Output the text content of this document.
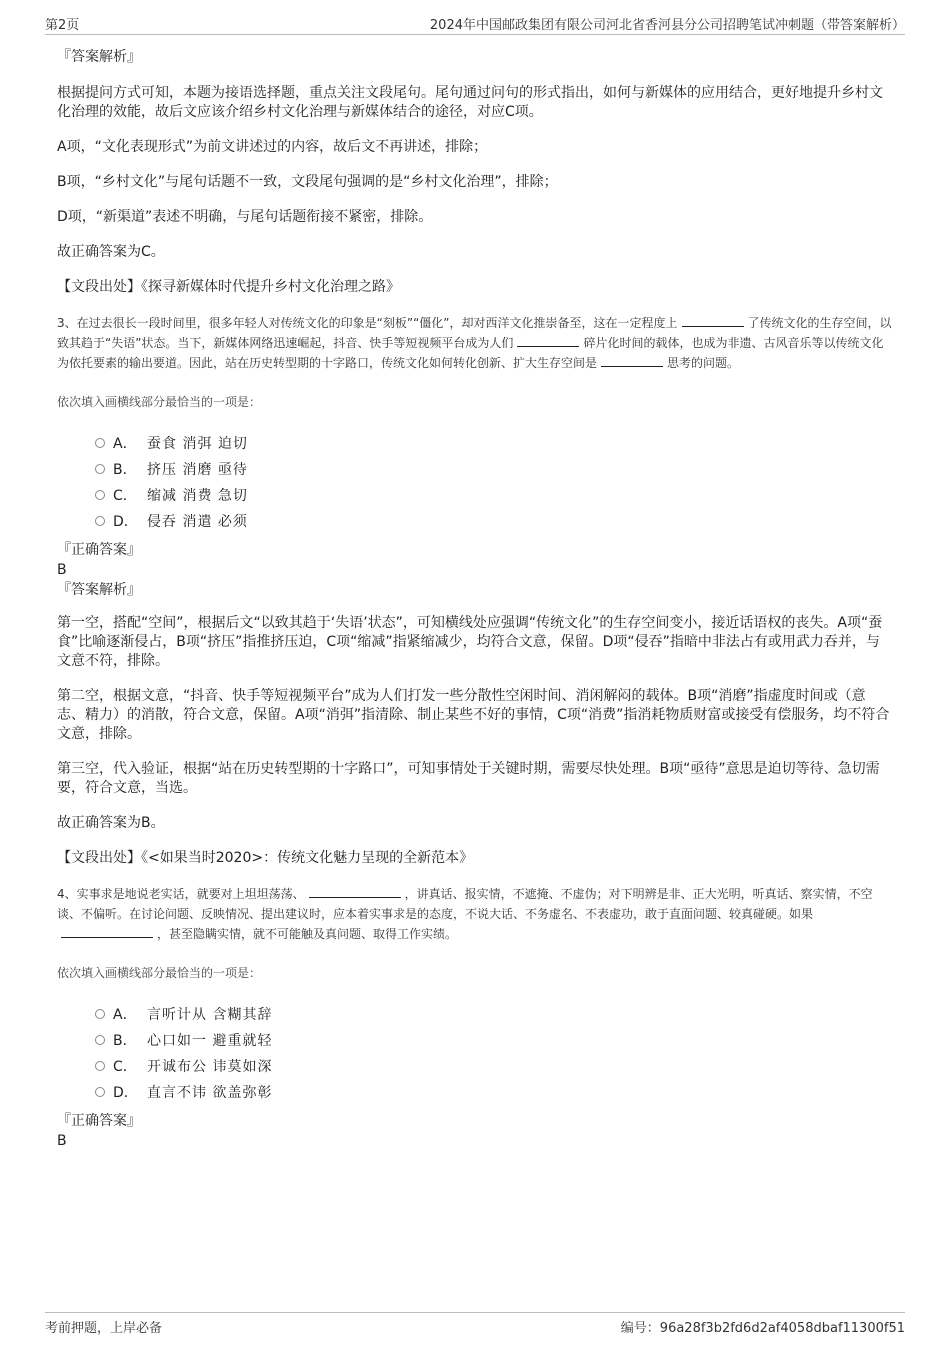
第2页	2024年中国邮政集团有限公司河北省香河县分公司招聘笔试冲刺题（带答案解析）
『答案解析』
根据提问方式可知，本题为接语选择题，重点关注文段尾句。尾句通过问句的形式指出，如何与新媒体的应用结合，更好地提升乡村文化治理的效能，故后文应该介绍乡村文化治理与新媒体结合的途径，对应C项。
A项，“文化表现形式”为前文讲述过的内容，故后文不再讲述，排除；
B项，“乡村文化”与尾句话题不一致，文段尾句强调的是“乡村文化治理”，排除；
D项，“新渠道”表述不明确，与尾句话题衔接不紧密，排除。
故正确答案为C。
【文段出处】《探寻新媒体时代提升乡村文化治理之路》
3、在过去很长一段时间里，很多年轻人对传统文化的印象是“刻板”“僵化”，却对西洋文化推崇备至，这在一定程度上	了传统文化的生存空间，以致其趋于“失语”状态。当下，新媒体网络迅速崛起，抖音、快手等短视频平台成为人们	碎片化时间的载体，也成为非遗、古风音乐等以传统文化为依托要素的输出要道。因此，站在历史转型期的十字路口，传统文化如何转化创新、扩大生存空间是	思考的问题。
依次填入画横线部分最恰当的一项是：
A． 蚕食 消弭 迫切
B． 挤压 消磨 亟待
C． 缩减 消费 急切
D． 侵吞 消遣 必须
『正确答案』
B
『答案解析』
第一空，搭配“空间”，根据后文“以致其趋于‘失语’状态”，可知横线处应强调“传统文化”的生存空间变小，接近话语权的丧失。A项“蚕食”比喻逐渐侵占，B项“挤压”指推挤压迫，C项“缩减”指紧缩减少，均符合文意，保留。D项“侵吞”指暗中非法占有或用武力吞并，与文意不符，排除。
第二空，根据文意，“抖音、快手等短视频平台”成为人们打发一些分散性空闲时间、消闲解闷的载体。B项“消磨”指虚度时间或（意志、精力）的消散，符合文意，保留。A项“消弭”指清除、制止某些不好的事情，C项“消费”指消耗物质财富或接受有偿服务，均不符合文意，排除。
第三空，代入验证，根据“站在历史转型期的十字路口”，可知事情处于关键时期，需要尽快处理。B项“亟待”意思是迫切等待、急切需要，符合文意，当选。
故正确答案为B。
【文段出处】《<如果当时2020>：传统文化魅力呈现的全新范本》
4、实事求是地说老实话，就要对上坦坦荡荡、	，讲真话、报实情，不遮掩、不虚伪；对下明辨是非、正大光明，听真话、察实情，不空谈、不偏听。在讨论问题、反映情况、提出建议时，应本着实事求是的态度，不说大话、不务虚名、不表虚功，敢于直面问题、较真碰硬。如果，甚至隐瞒实情，就不可能触及真问题、取得工作实绩。
依次填入画横线部分最恰当的一项是：
A． 言听计从 含糊其辞
B． 心口如一 避重就轻
C． 开诚布公 讳莫如深
D． 直言不讳 欲盖弥彰
『正确答案』
B
考前押题，上岸必备	编号：96a28f3b2fd6d2af4058dbaf11300f51
